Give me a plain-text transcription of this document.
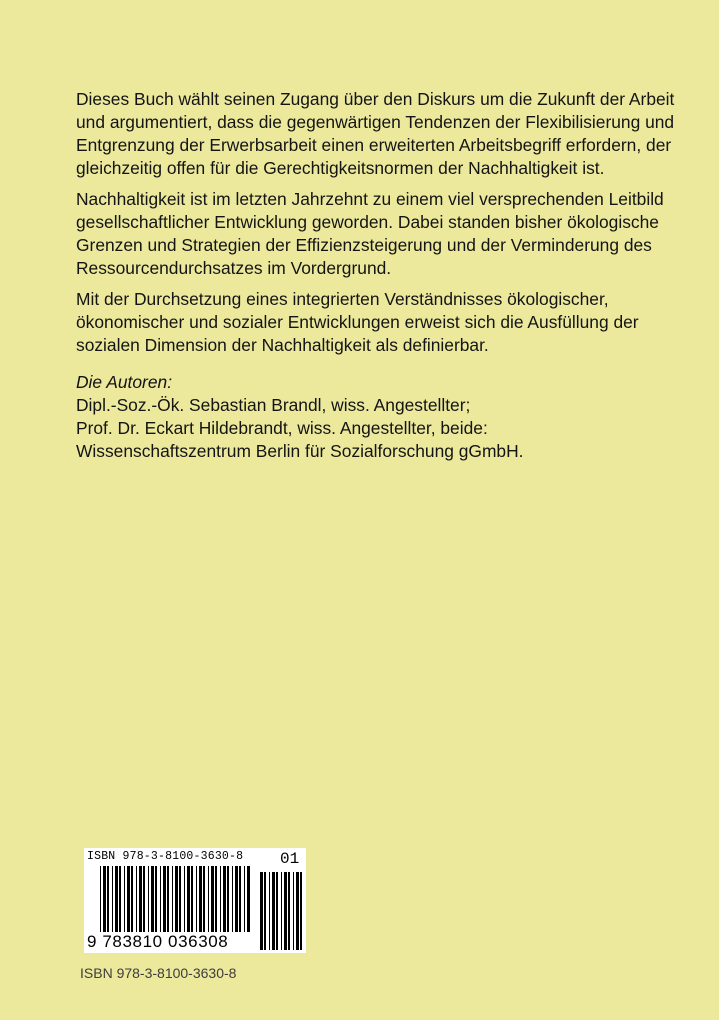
Dieses Buch wählt seinen Zugang über den Diskurs um die Zukunft der Arbeit und argumentiert, dass die gegenwärtigen Tendenzen der Flexibilisierung und Entgrenzung der Erwerbsarbeit einen erweiterten Arbeitsbegriff erfordern, der gleichzeitig offen für die Gerechtigkeitsnormen der Nachhaltigkeit ist.

Nachhaltigkeit ist im letzten Jahrzehnt zu einem viel versprechenden Leitbild gesellschaftlicher Entwicklung geworden. Dabei standen bisher ökologische Grenzen und Strategien der Effizienzsteigerung und der Verminderung des Ressourcendurchsatzes im Vordergrund.

Mit der Durchsetzung eines integrierten Verständnisses ökologischer, ökonomischer und sozialer Entwicklungen erweist sich die Ausfüllung der sozialen Dimension der Nachhaltigkeit als definierbar.

Die Autoren:
Dipl.-Soz.-Ök. Sebastian Brandl, wiss. Angestellter;
Prof. Dr. Eckart Hildebrandt, wiss. Angestellter, beide:
Wissenschaftszentrum Berlin für Sozialforschung gGmbH.
ISBN 978-3-8100-3630-8 01
9 783810 036308
ISBN 978-3-8100-3630-8
